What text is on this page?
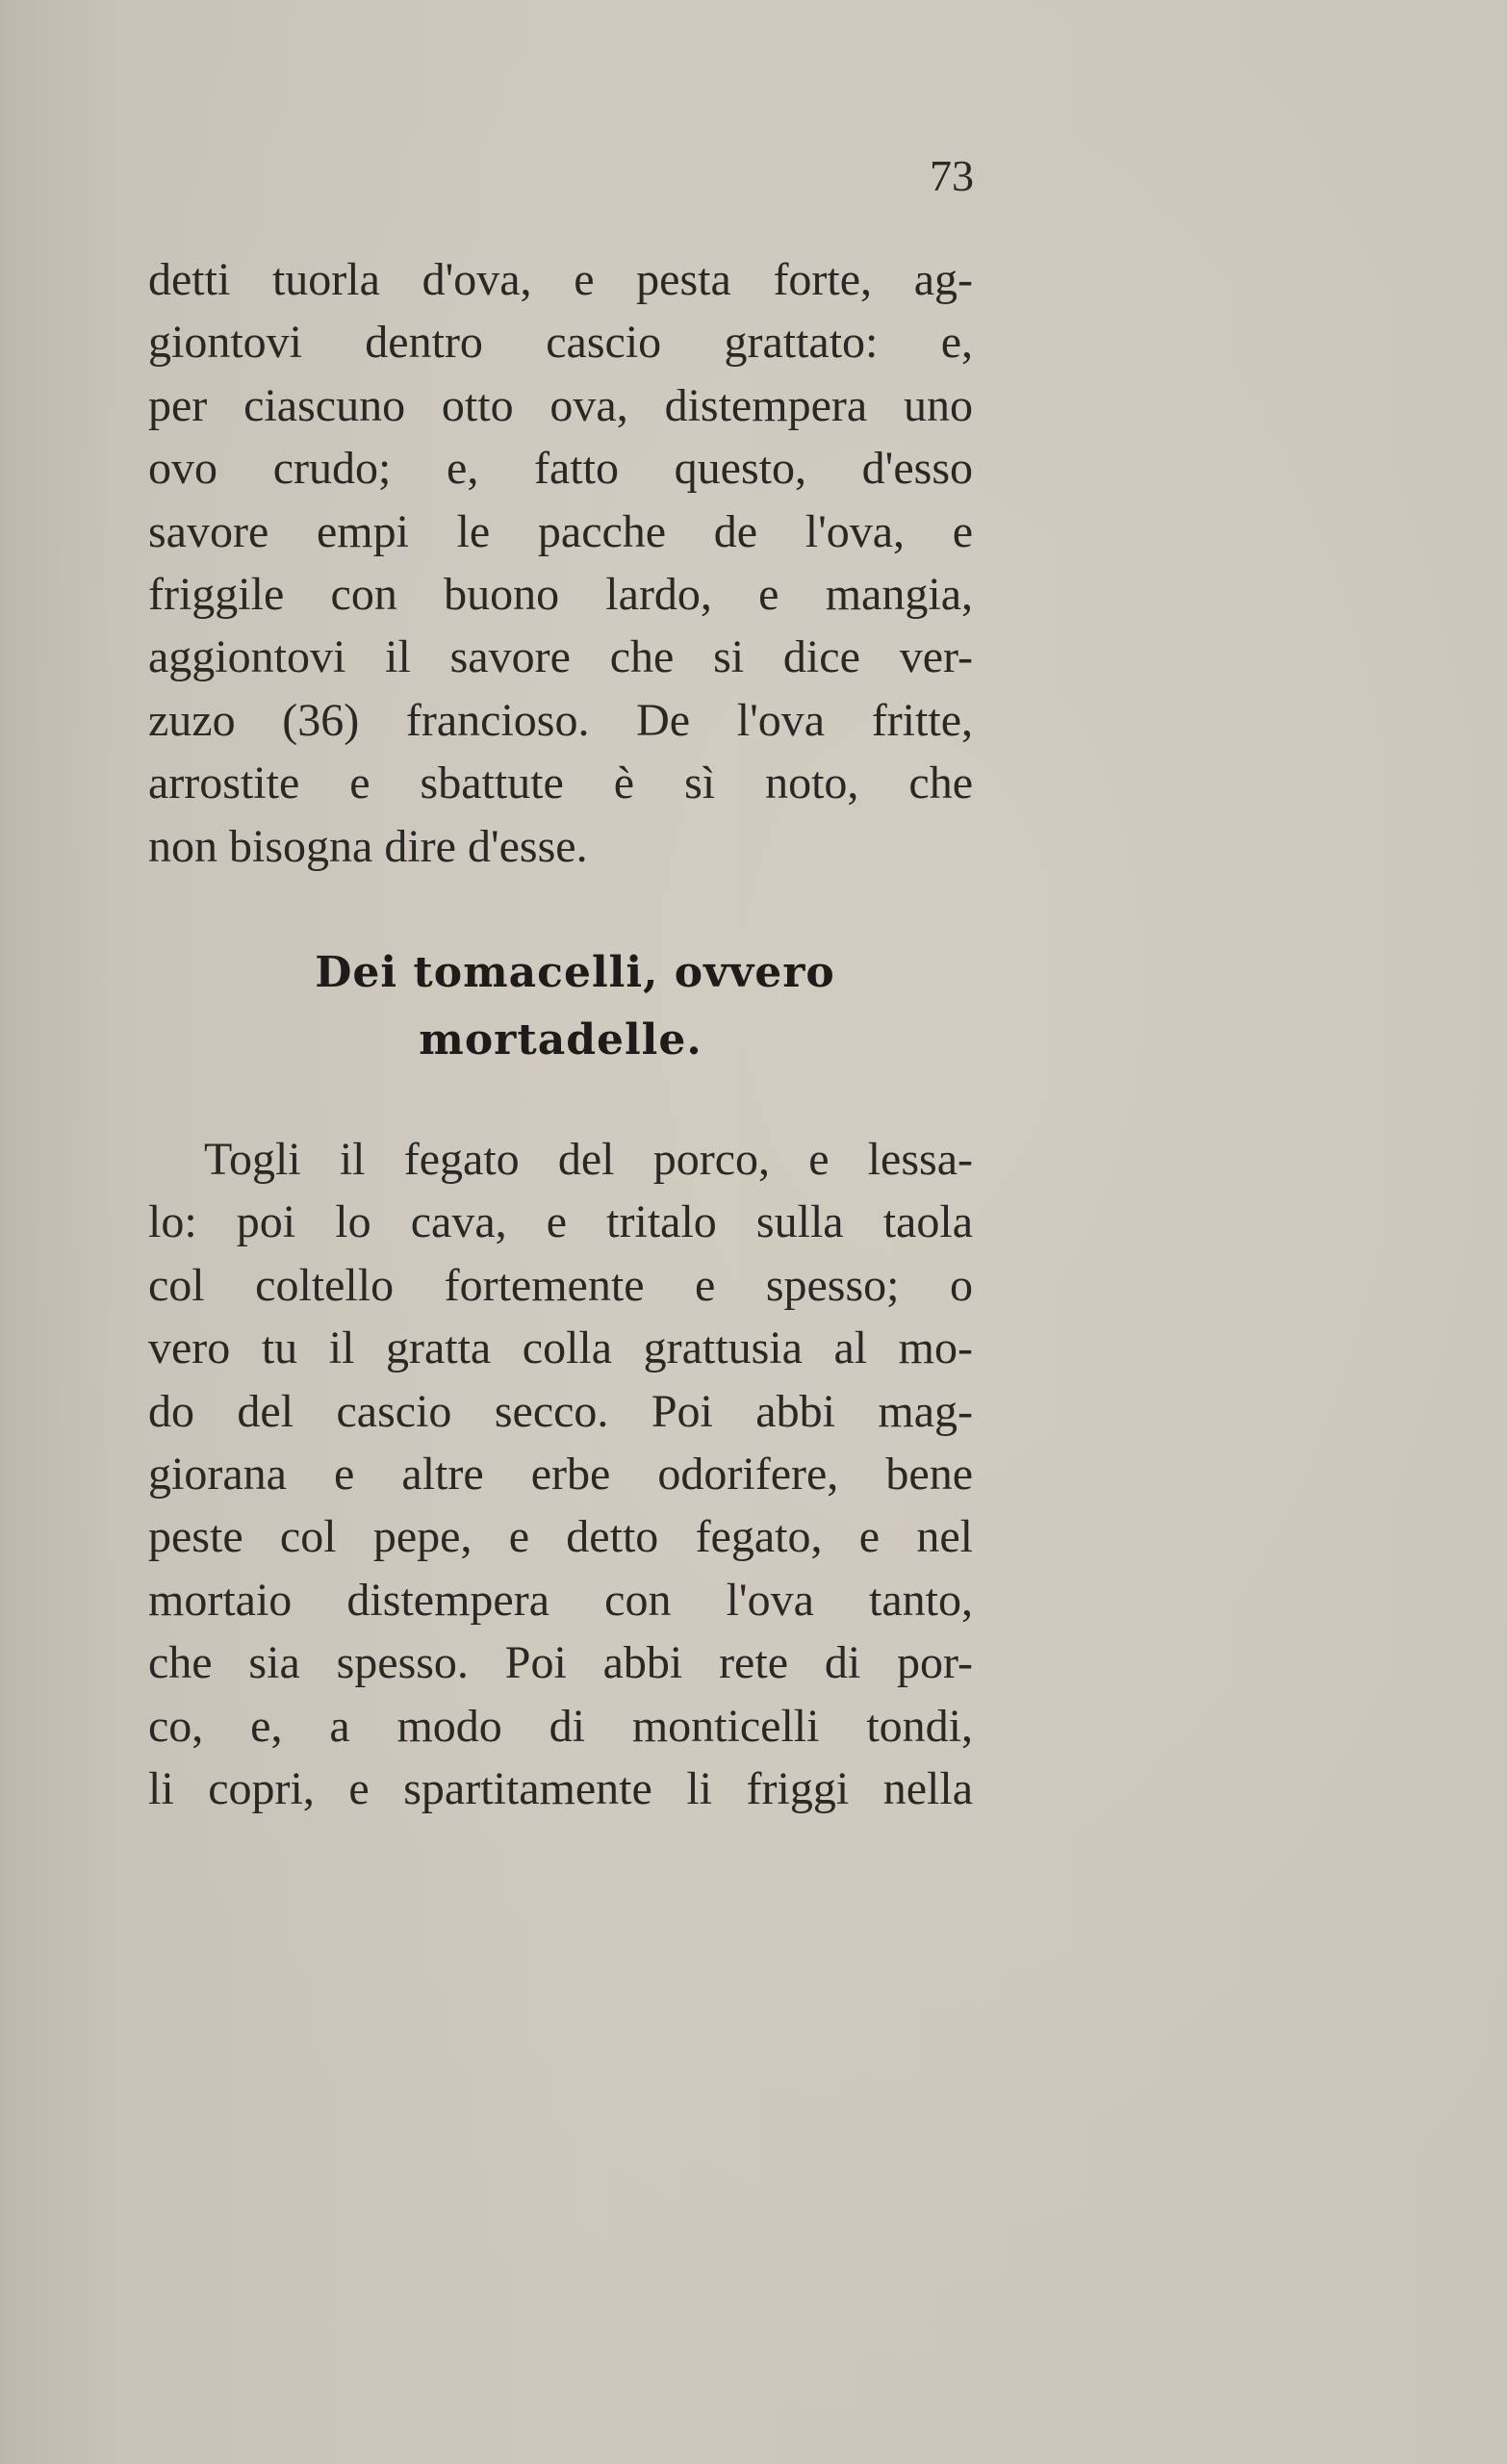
73

detti tuorla d'ova, e pesta forte, ag-
giontovi dentro cascio grattato: e,
per ciascuno otto ova, distempera uno
ovo crudo; e, fatto questo, d'esso
savore empi le pacche de l'ova, e
friggile con buono lardo, e mangia,
aggiontovi il savore che si dice ver-
zuzo (36) francioso. De l'ova fritte,
arrostite e sbattute è sì noto, che
non bisogna dire d'esse.

Dei tomacelli, ovvero
mortadelle.

Togli il fegato del porco, e lessa-
lo: poi lo cava, e tritalo sulla taola
col coltello fortemente e spesso; o
vero tu il gratta colla grattusia al mo-
do del cascio secco. Poi abbi mag-
giorana e altre erbe odorifere, bene
peste col pepe, e detto fegato, e nel
mortaio distempera con l'ova tanto,
che sia spesso. Poi abbi rete di por-
co, e, a modo di monticelli tondi,
li copri, e spartitamente li friggi nella
